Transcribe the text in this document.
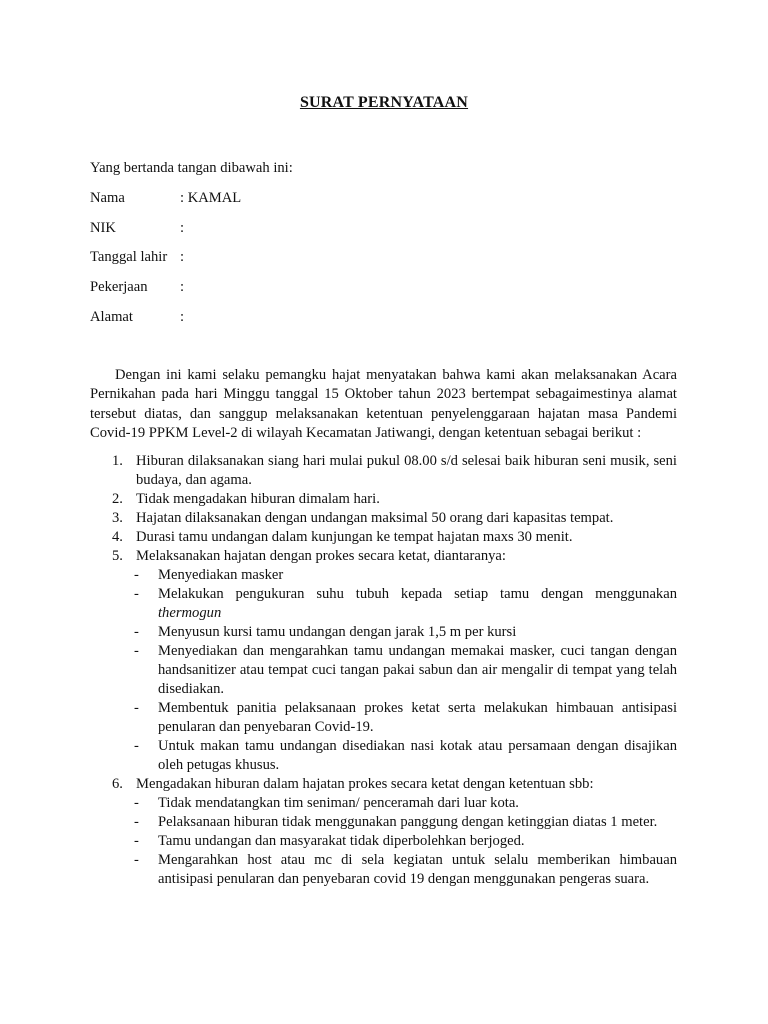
SURAT PERNYATAAN
Yang bertanda tangan dibawah ini:
Nama	: KAMAL
NIK	:
Tanggal lahir :
Pekerjaan :
Alamat	:
Dengan ini kami selaku pemangku hajat menyatakan bahwa kami akan melaksanakan Acara Pernikahan pada hari Minggu tanggal 15 Oktober tahun 2023 bertempat sebagaimestinya alamat tersebut diatas, dan sanggup melaksanakan ketentuan penyelenggaraan hajatan masa Pandemi Covid-19 PPKM Level-2 di wilayah Kecamatan Jatiwangi, dengan ketentuan sebagai berikut :
1. Hiburan dilaksanakan siang hari mulai pukul 08.00 s/d selesai baik hiburan seni musik, seni budaya, dan agama.
2. Tidak mengadakan hiburan dimalam hari.
3. Hajatan dilaksanakan dengan undangan maksimal 50 orang dari kapasitas tempat.
4. Durasi tamu undangan dalam kunjungan ke tempat hajatan maxs 30 menit.
5. Melaksanakan hajatan dengan prokes secara ketat, diantaranya:
- Menyediakan masker
- Melakukan pengukuran suhu tubuh kepada setiap tamu dengan menggunakan thermogun
- Menyusun kursi tamu undangan dengan jarak 1,5 m per kursi
- Menyediakan dan mengarahkan tamu undangan memakai masker, cuci tangan dengan handsanitizer atau tempat cuci tangan pakai sabun dan air mengalir di tempat yang telah disediakan.
- Membentuk panitia pelaksanaan prokes ketat serta melakukan himbauan antisipasi penularan dan penyebaran Covid-19.
- Untuk makan tamu undangan disediakan nasi kotak atau persamaan dengan disajikan oleh petugas khusus.
6. Mengadakan hiburan dalam hajatan prokes secara ketat dengan ketentuan sbb:
- Tidak mendatangkan tim seniman/ penceramah dari luar kota.
- Pelaksanaan hiburan tidak menggunakan panggung dengan ketinggian diatas 1 meter.
- Tamu undangan dan masyarakat tidak diperbolehkan berjoged.
- Mengarahkan host atau mc di sela kegiatan untuk selalu memberikan himbauan antisipasi penularan dan penyebaran covid 19 dengan menggunakan pengeras suara.
